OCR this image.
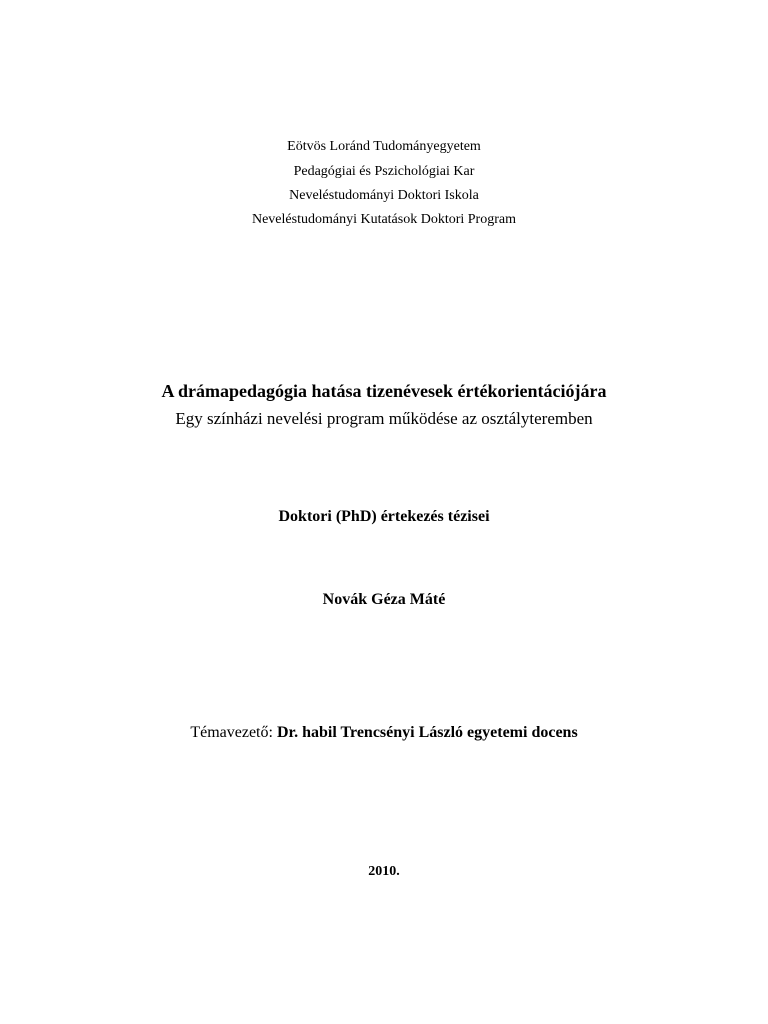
Eötvös Loránd Tudományegyetem
Pedagógiai és Pszichológiai Kar
Neveléstudományi Doktori Iskola
Neveléstudományi Kutatások Doktori Program
A drámapedagógia hatása tizenévesek értékorientációjára
Egy színházi nevelési program működése az osztályteremben
Doktori (PhD) értekezés tézisei
Novák Géza Máté
Témavezető: Dr. habil Trencsényi László egyetemi docens
2010.
